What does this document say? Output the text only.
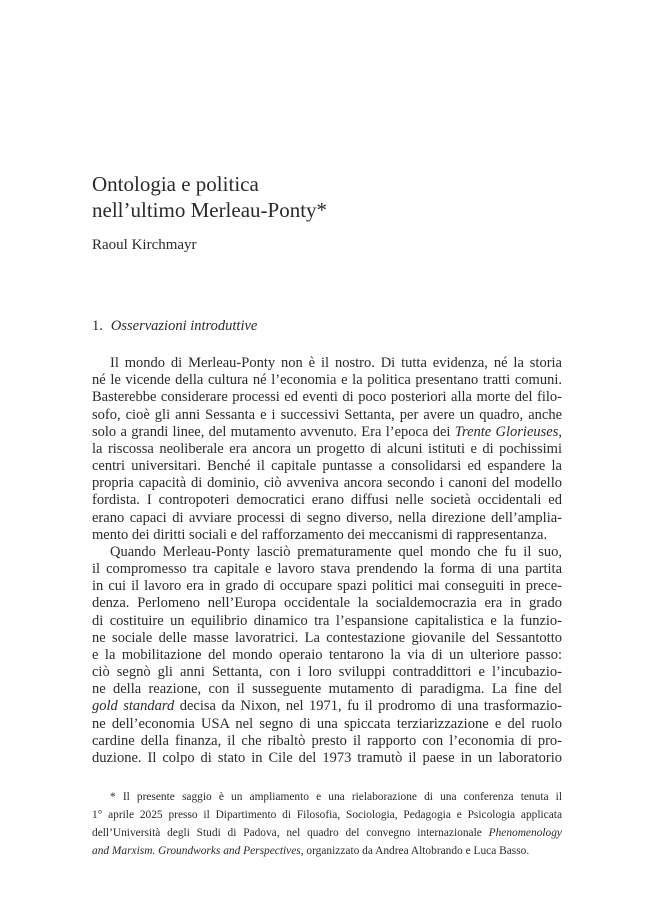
Ontologia e politica
nell’ultimo Merleau-Ponty*
Raoul Kirchmayr
1. Osservazioni introduttive
Il mondo di Merleau-Ponty non è il nostro. Di tutta evidenza, né la storia
né le vicende della cultura né l’economia e la politica presentano tratti comuni.
Basterebbe considerare processi ed eventi di poco posteriori alla morte del filo-
sofo, cioè gli anni Sessanta e i successivi Settanta, per avere un quadro, anche
solo a grandi linee, del mutamento avvenuto. Era l’epoca dei Trente Glorieuses,
la riscossa neoliberale era ancora un progetto di alcuni istituti e di pochissimi
centri universitari. Benché il capitale puntasse a consolidarsi ed espandere la
propria capacità di dominio, ciò avveniva ancora secondo i canoni del modello
fordista. I contropoteri democratici erano diffusi nelle società occidentali ed
erano capaci di avviare processi di segno diverso, nella direzione dell’amplia-
mento dei diritti sociali e del rafforzamento dei meccanismi di rappresentanza.
Quando Merleau-Ponty lasciò prematuramente quel mondo che fu il suo,
il compromesso tra capitale e lavoro stava prendendo la forma di una partita
in cui il lavoro era in grado di occupare spazi politici mai conseguiti in prece-
denza. Perlomeno nell’Europa occidentale la socialdemocrazia era in grado
di costituire un equilibrio dinamico tra l’espansione capitalistica e la funzio-
ne sociale delle masse lavoratrici. La contestazione giovanile del Sessantotto
e la mobilitazione del mondo operaio tentarono la via di un ulteriore passo:
ciò segnò gli anni Settanta, con i loro sviluppi contraddittori e l’incubazio-
ne della reazione, con il susseguente mutamento di paradigma. La fine del
gold standard decisa da Nixon, nel 1971, fu il prodromo di una trasformazio-
ne dell’economia USA nel segno di una spiccata terziarizzazione e del ruolo
cardine della finanza, il che ribaltò presto il rapporto con l’economia di pro-
duzione. Il colpo di stato in Cile del 1973 tramutò il paese in un laboratorio
* Il presente saggio è un ampliamento e una rielaborazione di una conferenza tenuta il
1° aprile 2025 presso il Dipartimento di Filosofia, Sociologia, Pedagogia e Psicologia applicata
dell’Università degli Studi di Padova, nel quadro del convegno internazionale Phenomenology
and Marxism. Groundworks and Perspectives, organizzato da Andrea Altobrando e Luca Basso.
